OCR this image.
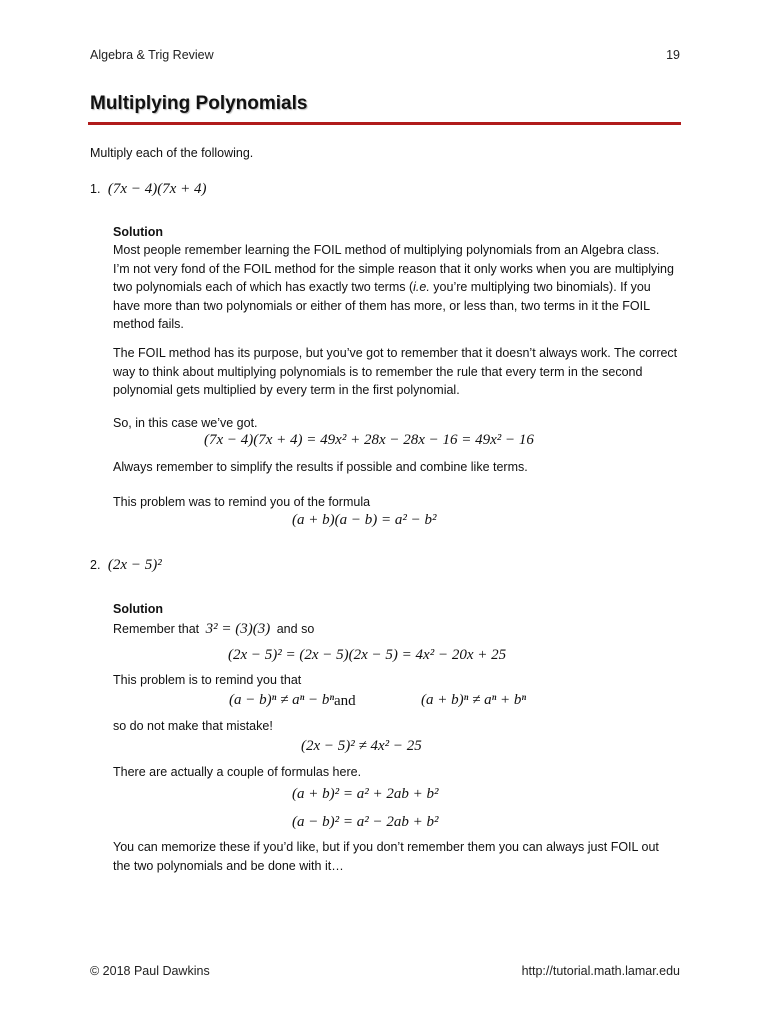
Algebra & Trig Review	19
Multiplying Polynomials
Multiply each of the following.
1. (7x − 4)(7x + 4)
Solution
Most people remember learning the FOIL method of multiplying polynomials from an Algebra class. I’m not very fond of the FOIL method for the simple reason that it only works when you are multiplying two polynomials each of which has exactly two terms (i.e. you’re multiplying two binomials). If you have more than two polynomials or either of them has more, or less than, two terms in it the FOIL method fails.
The FOIL method has its purpose, but you’ve got to remember that it doesn’t always work. The correct way to think about multiplying polynomials is to remember the rule that every term in the second polynomial gets multiplied by every term in the first polynomial.
So, in this case we’ve got.
(7x − 4)(7x + 4) = 49x² + 28x − 28x − 16 = 49x² − 16
Always remember to simplify the results if possible and combine like terms.
This problem was to remind you of the formula
(a + b)(a − b) = a² − b²
2. (2x − 5)²
Solution
Remember that 3² = (3)(3) and so
(2x − 5)² = (2x − 5)(2x − 5) = 4x² − 20x + 25
This problem is to remind you that
(a − b)ⁿ ≠ aⁿ − bⁿ and	(a + b)ⁿ ≠ aⁿ + bⁿ
so do not make that mistake!
(2x − 5)² ≠ 4x² − 25
There are actually a couple of formulas here.
(a + b)² = a² + 2ab + b²
(a − b)² = a² − 2ab + b²
You can memorize these if you’d like, but if you don’t remember them you can always just FOIL out the two polynomials and be done with it…
© 2018 Paul Dawkins	http://tutorial.math.lamar.edu
